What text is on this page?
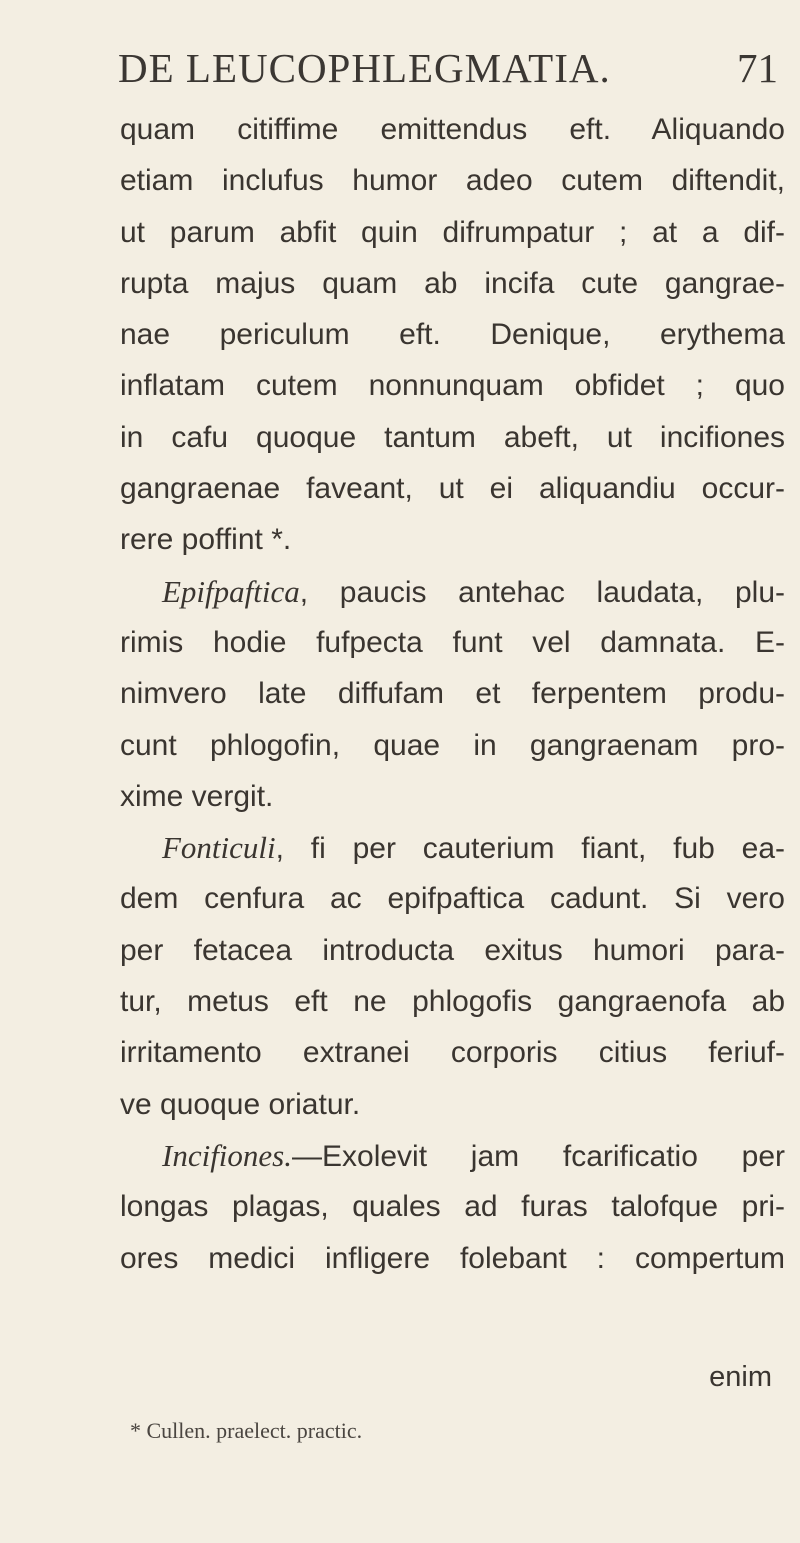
DE LEUCOPHLEGMATIA.	71
quam citiffime emittendus eft. Aliquando
etiam inclufus humor adeo cutem diftendit,
ut parum abfit quin difrumpatur ; at a dif-
rupta majus quam ab incifa cute gangrae-
nae periculum eft. Denique, erythema
inflatam cutem nonnunquam obfidet ; quo
in cafu quoque tantum abeft, ut incifiones
gangraenae faveant, ut ei aliquandiu occur-
rere poffint *.
Epifpaftica, paucis antehac laudata, plu-
rimis hodie fufpecta funt vel damnata. E-
nimvero late diffufam et ferpentem produ-
cunt phlogofin, quae in gangraenam pro-
xime vergit.
Fonticuli, fi per cauterium fiant, fub ea-
dem cenfura ac epifpaftica cadunt. Si vero
per fetacea introducta exitus humori para-
tur, metus eft ne phlogofis gangraenofa ab
irritamento extranei corporis citius feriuf-
ve quoque oriatur.
Incifiones.—Exolevit jam fcarificatio per
longas plagas, quales ad furas talofque pri-
ores medici infligere folebant : compertum
enim
* Cullen. praelect. practic.
